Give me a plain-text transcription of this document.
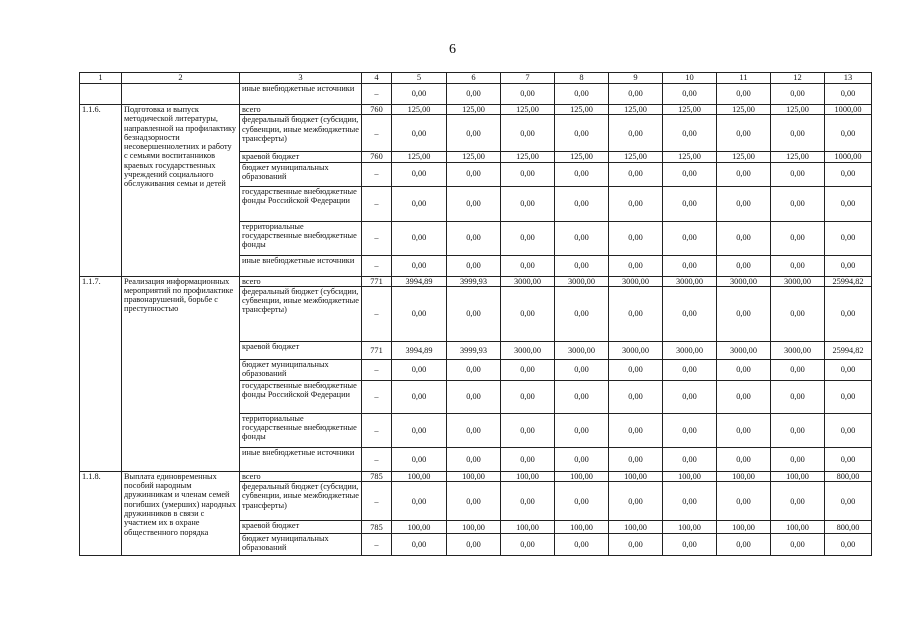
6
1	2	3	4	5	6	7	8	9	10	11	12	13
		иные внебюджетные источники	–	0,00	0,00	0,00	0,00	0,00	0,00	0,00	0,00	0,00
1.1.6.	Подготовка и выпуск методической литературы, направленной на профилактику безнадзорности несовершеннолетних и работу с семьями воспитанников краевых государственных учреждений социального обслуживания семьи и детей	всего	760	125,00	125,00	125,00	125,00	125,00	125,00	125,00	125,00	1000,00
		федеральный бюджет (субсидии, субвенции, иные межбюджетные трансферты)	–	0,00	0,00	0,00	0,00	0,00	0,00	0,00	0,00	0,00
		краевой бюджет	760	125,00	125,00	125,00	125,00	125,00	125,00	125,00	125,00	1000,00
		бюджет муниципальных образований	–	0,00	0,00	0,00	0,00	0,00	0,00	0,00	0,00	0,00
		государственные внебюджетные фонды Российской Федерации	–	0,00	0,00	0,00	0,00	0,00	0,00	0,00	0,00	0,00
		территориальные государственные внебюджетные фонды	–	0,00	0,00	0,00	0,00	0,00	0,00	0,00	0,00	0,00
		иные внебюджетные источники	–	0,00	0,00	0,00	0,00	0,00	0,00	0,00	0,00	0,00
1.1.7.	Реализация информационных мероприятий по профилактике правонарушений, борьбе с преступностью	всего	771	3994,89	3999,93	3000,00	3000,00	3000,00	3000,00	3000,00	3000,00	25994,82
		федеральный бюджет (субсидии, субвенции, иные межбюджетные трансферты)	–	0,00	0,00	0,00	0,00	0,00	0,00	0,00	0,00	0,00
		краевой бюджет	771	3994,89	3999,93	3000,00	3000,00	3000,00	3000,00	3000,00	3000,00	25994,82
		бюджет муниципальных образований	–	0,00	0,00	0,00	0,00	0,00	0,00	0,00	0,00	0,00
		государственные внебюджетные фонды Российской Федерации	–	0,00	0,00	0,00	0,00	0,00	0,00	0,00	0,00	0,00
		территориальные государственные внебюджетные фонды	–	0,00	0,00	0,00	0,00	0,00	0,00	0,00	0,00	0,00
		иные внебюджетные источники	–	0,00	0,00	0,00	0,00	0,00	0,00	0,00	0,00	0,00
1.1.8.	Выплата единовременных пособий народным дружинникам и членам семей погибших (умерших) народных дружинников в связи с участием их в охране общественного порядка	всего	785	100,00	100,00	100,00	100,00	100,00	100,00	100,00	100,00	800,00
		федеральный бюджет (субсидии, субвенции, иные межбюджетные трансферты)	–	0,00	0,00	0,00	0,00	0,00	0,00	0,00	0,00	0,00
		краевой бюджет	785	100,00	100,00	100,00	100,00	100,00	100,00	100,00	100,00	800,00
		бюджет муниципальных образований	–	0,00	0,00	0,00	0,00	0,00	0,00	0,00	0,00	0,00
